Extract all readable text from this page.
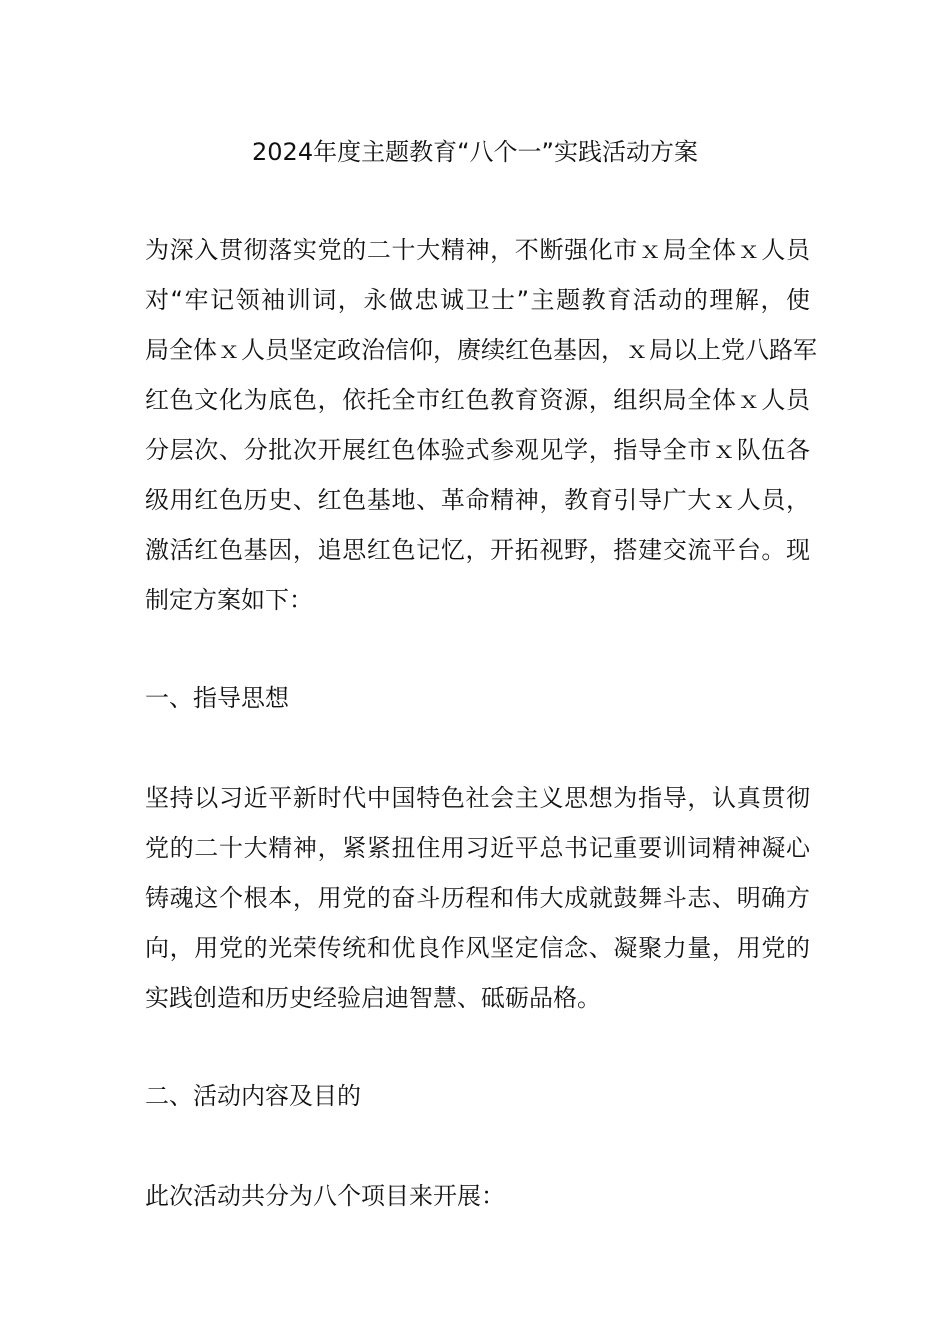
2024年度主题教育“八个一”实践活动方案
为深入贯彻落实党的二十大精神，不断强化市ｘ局全体ｘ人员
对“牢记领袖训词，永做忠诚卫士”主题教育活动的理解，使
局全体ｘ人员坚定政治信仰，赓续红色基因，ｘ局以上党八路军
红色文化为底色，依托全市红色教育资源，组织局全体ｘ人员
分层次、分批次开展红色体验式参观见学，指导全市ｘ队伍各
级用红色历史、红色基地、革命精神，教育引导广大ｘ人员，
激活红色基因，追思红色记忆，开拓视野，搭建交流平台。现
制定方案如下：
一、指导思想
坚持以习近平新时代中国特色社会主义思想为指导，认真贯彻
党的二十大精神，紧紧扭住用习近平总书记重要训词精神凝心
铸魂这个根本，用党的奋斗历程和伟大成就鼓舞斗志、明确方
向，用党的光荣传统和优良作风坚定信念、凝聚力量，用党的
实践创造和历史经验启迪智慧、砥砺品格。
二、活动内容及目的
此次活动共分为八个项目来开展：
